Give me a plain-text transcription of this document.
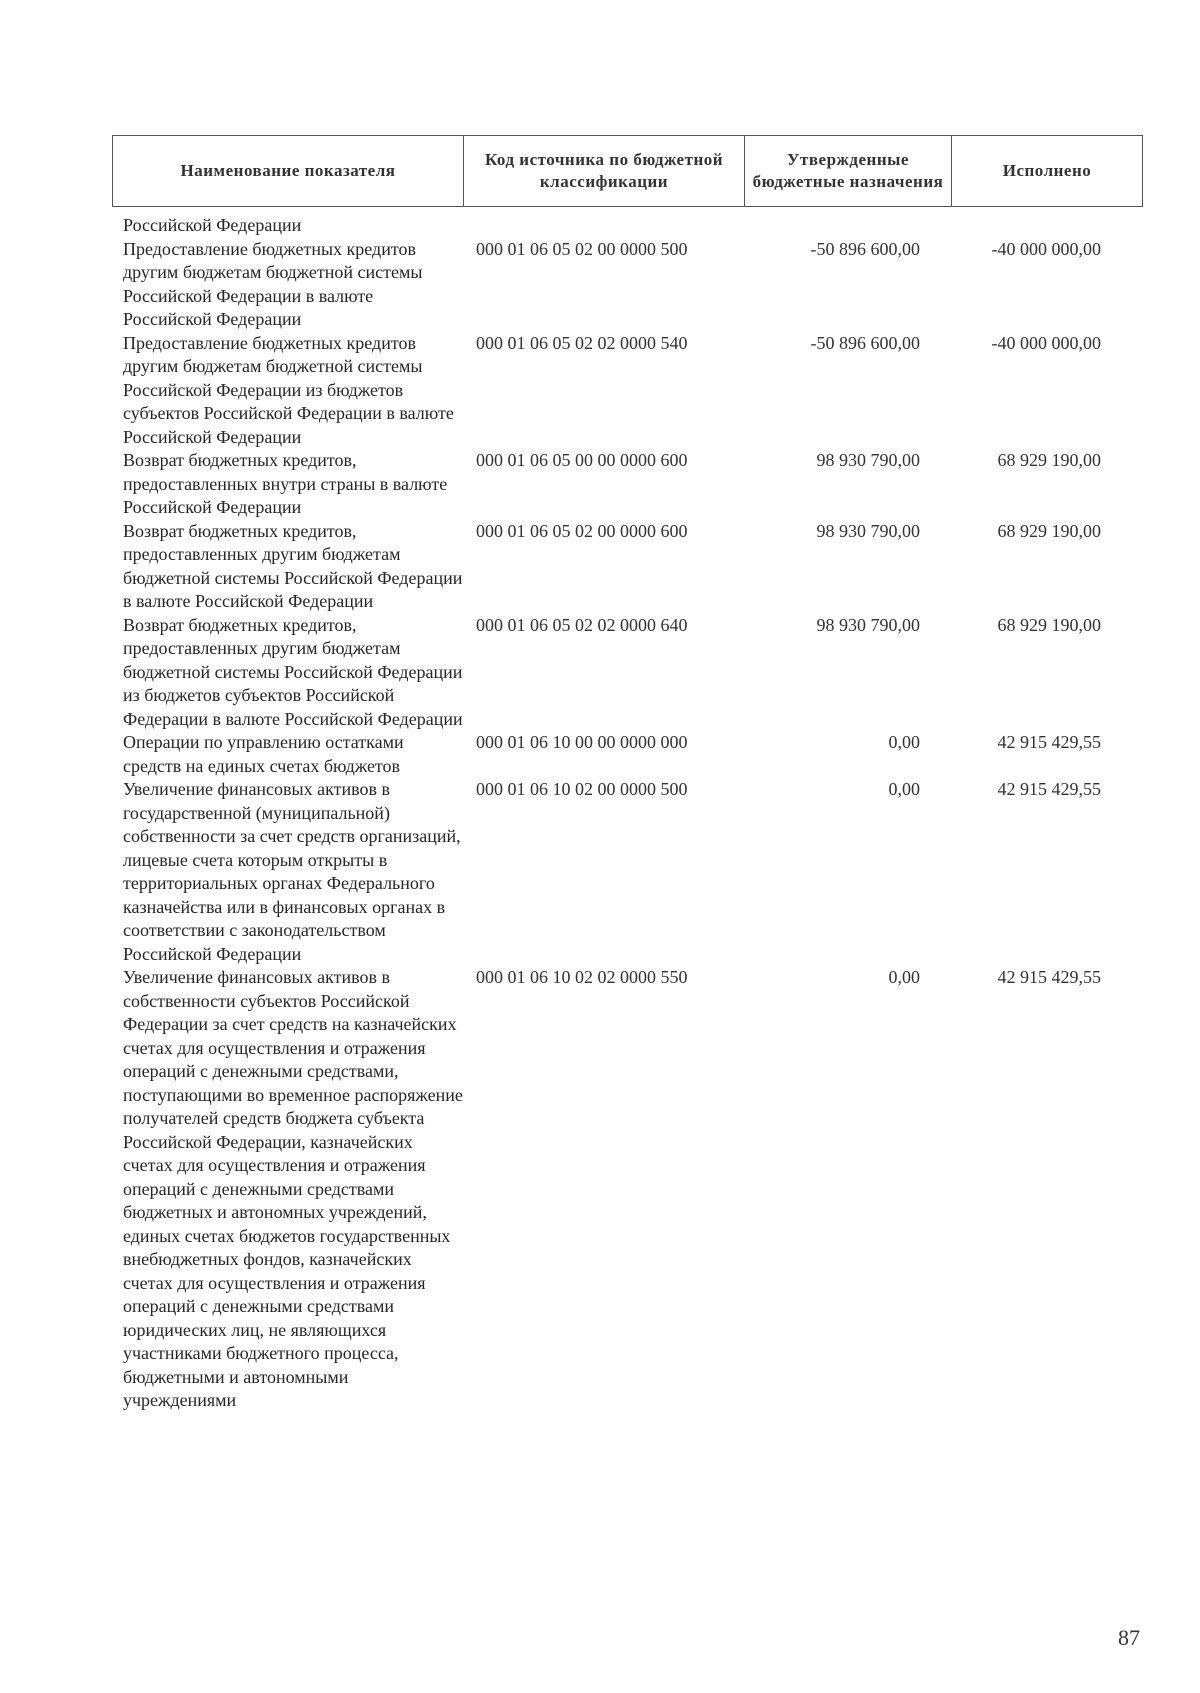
Наименование показателя	Код источника по бюджетной классификации	Утвержденные бюджетные назначения	Исполнено
Российской Федерации
Предоставление бюджетных кредитов другим бюджетам бюджетной системы Российской Федерации в валюте Российской Федерации
000 01 06 05 02 00 0000 500	-50 896 600,00	-40 000 000,00
Предоставление бюджетных кредитов другим бюджетам бюджетной системы Российской Федерации из бюджетов субъектов Российской Федерации в валюте Российской Федерации
000 01 06 05 02 02 0000 540	-50 896 600,00	-40 000 000,00
Возврат бюджетных кредитов, предоставленных внутри страны в валюте Российской Федерации
000 01 06 05 00 00 0000 600	98 930 790,00	68 929 190,00
Возврат бюджетных кредитов, предоставленных другим бюджетам бюджетной системы Российской Федерации в валюте Российской Федерации
000 01 06 05 02 00 0000 600	98 930 790,00	68 929 190,00
Возврат бюджетных кредитов, предоставленных другим бюджетам бюджетной системы Российской Федерации из бюджетов субъектов Российской Федерации в валюте Российской Федерации
000 01 06 05 02 02 0000 640	98 930 790,00	68 929 190,00
Операции по управлению остатками средств на единых счетах бюджетов
000 01 06 10 00 00 0000 000	0,00	42 915 429,55
Увеличение финансовых активов в государственной (муниципальной) собственности за счет средств организаций, лицевые счета которым открыты в территориальных органах Федерального казначейства или в финансовых органах в соответствии с законодательством Российской Федерации
000 01 06 10 02 00 0000 500	0,00	42 915 429,55
Увеличение финансовых активов в собственности субъектов Российской Федерации за счет средств на казначейских счетах для осуществления и отражения операций с денежными средствами, поступающими во временное распоряжение получателей средств бюджета субъекта Российской Федерации, казначейских счетах для осуществления и отражения операций с денежными средствами бюджетных и автономных учреждений, единых счетах бюджетов государственных внебюджетных фондов, казначейских счетах для осуществления и отражения операций с денежными средствами юридических лиц, не являющихся участниками бюджетного процесса, бюджетными и автономными учреждениями
000 01 06 10 02 02 0000 550	0,00	42 915 429,55
87
